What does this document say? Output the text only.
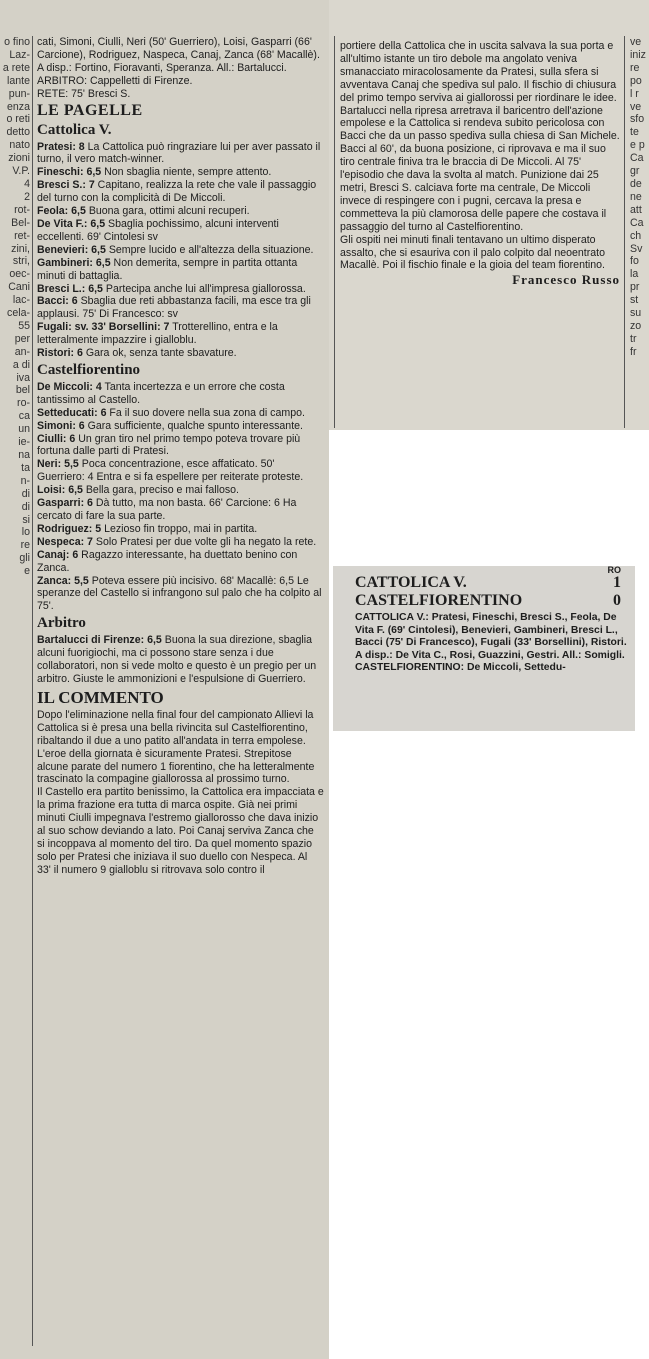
o fino
Laz-
a rete
lante
pun-
enza
o reti
detto
nato
zioni
V.P.
4
2
rot-
Bel-
ret-
zini,
stri,
oec-
Cani
lac-
cela-
55
per
an-
a di
iva
bel
ro-
ca
un
ie-
na
ta
n-
di
di
si
lo
re
gli
e
ve
iniz
re
po
l r
ve
sfo
te
e p
Ca
gr
de
ne
att
Ca
ch
Sv
fo
la
pr
st
su
zo
tr
fr

cati, Simoni, Ciulli, Neri (50' Guerriero), Loisi, Gasparri (66' Carcione), Rodriguez, Naspeca, Canaj, Zanca (68' Macallè). A disp.: Fortino, Fioravanti, Speranza. All.: Bartalucci.

ARBITRO: Cappelletti di Firenze.

RETE: 75' Bresci S.

LE PAGELLE
Cattolica V.

Pratesi: 8 La Cattolica può ringraziare lui per aver passato il turno, il vero match-winner.

Fineschi: 6,5 Non sbaglia niente, sempre attento.

Bresci S.: 7 Capitano, realizza la rete che vale il passaggio del turno con la complicità di De Miccoli.

Feola: 6,5 Buona gara, ottimi alcuni recuperi.

De Vita F.: 6,5 Sbaglia pochissimo, alcuni interventi eccellenti. 69' Cintolesi sv

Benevieri: 6,5 Sempre lucido e all'altezza della situazione.

Gambineri: 6,5 Non demerita, sempre in partita ottanta minuti di battaglia.

Bresci L.: 6,5 Partecipa anche lui all'impresa giallorossa.

Bacci: 6 Sbaglia due reti abbastanza facili, ma esce tra gli applausi. 75' Di Francesco: sv

Fugali: sv. 33' Borsellini: 7 Trotterellino, entra e la letteralmente impazzire i gialloblu.

Ristori: 6 Gara ok, senza tante sbavature.

Castelfiorentino

De Miccoli: 4 Tanta incertezza e un errore che costa tantissimo al Castello.

Setteducati: 6 Fa il suo dovere nella sua zona di campo.

Simoni: 6 Gara sufficiente, qualche spunto interessante.

Ciulli: 6 Un gran tiro nel primo tempo poteva trovare più fortuna dalle parti di Pratesi.

Neri: 5,5 Poca concentrazione, esce affaticato. 50' Guerriero: 4 Entra e si fa espellere per reiterate proteste.

Loisi: 6,5 Bella gara, preciso e mai falloso.

Gasparri: 6 Dà tutto, ma non basta. 66' Carcione: 6 Ha cercato di fare la sua parte.

Rodriguez: 5 Lezioso fin troppo, mai in partita.

Nespeca: 7 Solo Pratesi per due volte gli ha negato la rete.

Canaj: 6 Ragazzo interessante, ha duettato benino con Zanca.

Zanca: 5,5 Poteva essere più incisivo. 68' Macallè: 6,5 Le speranze del Castello si infrangono sul palo che ha colpito al 75'.

Arbitro

Bartalucci di Firenze: 6,5 Buona la sua direzione, sbaglia alcuni fuorigiochi, ma ci possono stare senza i due collaboratori, non si vede molto e questo è un pregio per un arbitro. Giuste le ammonizioni e l'espulsione di Guerriero.

IL COMMENTO

Dopo l'eliminazione nella final four del campionato Allievi la Cattolica si è presa una bella rivincita sul Castelfiorentino, ribaltando il due a uno patito all'andata in terra empolese. L'eroe della giornata è sicuramente Pratesi. Strepitose alcune parate del numero 1 fiorentino, che ha letteralmente trascinato la compagine giallorossa al prossimo turno.

Il Castello era partito benissimo, la Cattolica era impacciata e la prima frazione era tutta di marca ospite. Già nei primi minuti Ciulli impegnava l'estremo giallorosso che dava inizio al suo schow deviando a lato. Poi Canaj serviva Zanca che si incoppava al momento del tiro. Da quel momento spazio solo per Pratesi che iniziava il suo duello con Nespeca. Al 33' il numero 9 gialloblu si ritrovava solo contro il

portiere della Cattolica che in uscita salvava la sua porta e all'ultimo istante un tiro debole ma angolato veniva smanacciato miracolosamente da Pratesi, sulla sfera si avventava Canaj che spediva sul palo. Il fischio di chiusura del primo tempo serviva ai giallorossi per riordinare le idee.

Bartalucci nella ripresa arretrava il baricentro dell'azione empolese e la Cattolica si rendeva subito pericolosa con Bacci che da un passo spediva sulla chiesa di San Michele. Bacci al 60', da buona posizione, ci riprovava e ma il suo tiro centrale finiva tra le braccia di De Miccoli. Al 75' l'episodio che dava la svolta al match. Punizione dai 25 metri, Bresci S. calciava forte ma centrale, De Miccoli invece di respingere con i pugni, cercava la presa e commetteva la più clamorosa delle papere che costava il passaggio del turno al Castelfiorentino.

Gli ospiti nei minuti finali tentavano un ultimo disperato assalto, che si esauriva con il palo colpito dal neoentrato Macallè. Poi il fischio finale e la gioia del team fiorentino.

Francesco Russo
RO
CATTOLICA V.	1
CASTELFIORENTINO	0
CATTOLICA V.: Pratesi, Fineschi, Bresci S., Feola, De Vita F. (69' Cintolesi), Benevieri, Gambineri, Bresci L., Bacci (75' Di Francesco), Fugali (33' Borsellini), Ristori. A disp.: De Vita C., Rosi, Guazzini, Gestri. All.: Somigli.
CASTELFIORENTINO: De Miccoli, Settedu-
